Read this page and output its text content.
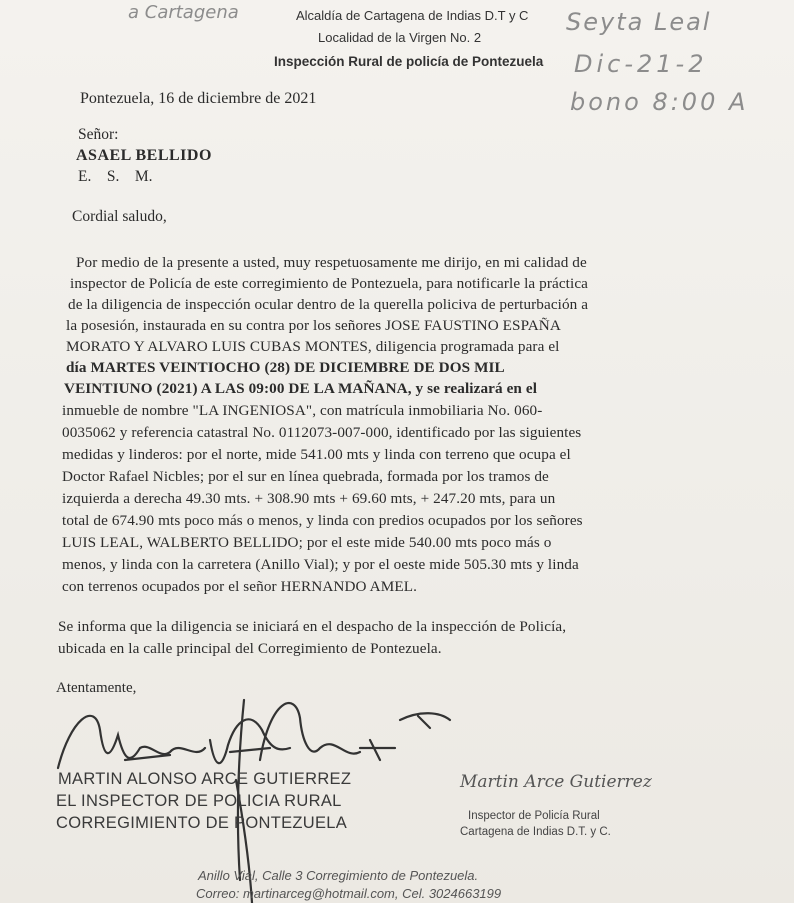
a Cartagena	Seyta Leal
Dic-21-2
bono 8:00 A
Alcaldía de Cartagena de Indias D.T y C
Localidad de la Virgen No. 2
Inspección Rural de policía de Pontezuela
Pontezuela, 16 de diciembre de 2021
Señor:
ASAEL BELLIDO
E.    S.    M.
Cordial saludo,
Por medio de la presente a usted, muy respetuosamente me dirijo, en mi calidad de
inspector de Policía de este corregimiento de Pontezuela, para notificarle la práctica
de la diligencia de inspección ocular dentro de la querella policiva de perturbación a
la posesión, instaurada en su contra por los señores JOSE FAUSTINO ESPAÑA
MORATO Y ALVARO LUIS CUBAS MONTES, diligencia programada para el
día MARTES VEINTIOCHO (28) DE DICIEMBRE DE DOS MIL
VEINTIUNO (2021) A LAS 09:00 DE LA MAÑANA, y se realizará en el
inmueble de nombre "LA INGENIOSA", con matrícula inmobiliaria No. 060-
0035062 y referencia catastral No. 0112073-007-000, identificado por las siguientes
medidas y linderos: por el norte, mide 541.00 mts y linda con terreno que ocupa el
Doctor Rafael Nicbles; por el sur en línea quebrada, formada por los tramos de
izquierda a derecha 49.30 mts. + 308.90 mts + 69.60 mts, + 247.20 mts, para un
total de 674.90 mts poco más o menos, y linda con predios ocupados por los señores
LUIS LEAL, WALBERTO BELLIDO; por el este mide 540.00 mts poco más o
menos, y linda con la carretera (Anillo Vial); y por el oeste mide 505.30 mts y linda
con terrenos ocupados por el señor HERNANDO AMEL.
Se informa que la diligencia se iniciará en el despacho de la inspección de Policía,
ubicada en la calle principal del Corregimiento de Pontezuela.
Atentamente,
MARTIN ALONSO ARCE GUTIERREZ
EL INSPECTOR DE POLICIA RURAL
CORREGIMIENTO DE PONTEZUELA
Martin Arce Gutierrez
Inspector de Policía Rural
Cartagena de Indias D.T. y C.
Anillo Vial, Calle 3 Corregimiento de Pontezuela.
Correo: martinarceg@hotmail.com, Cel. 3024663199
